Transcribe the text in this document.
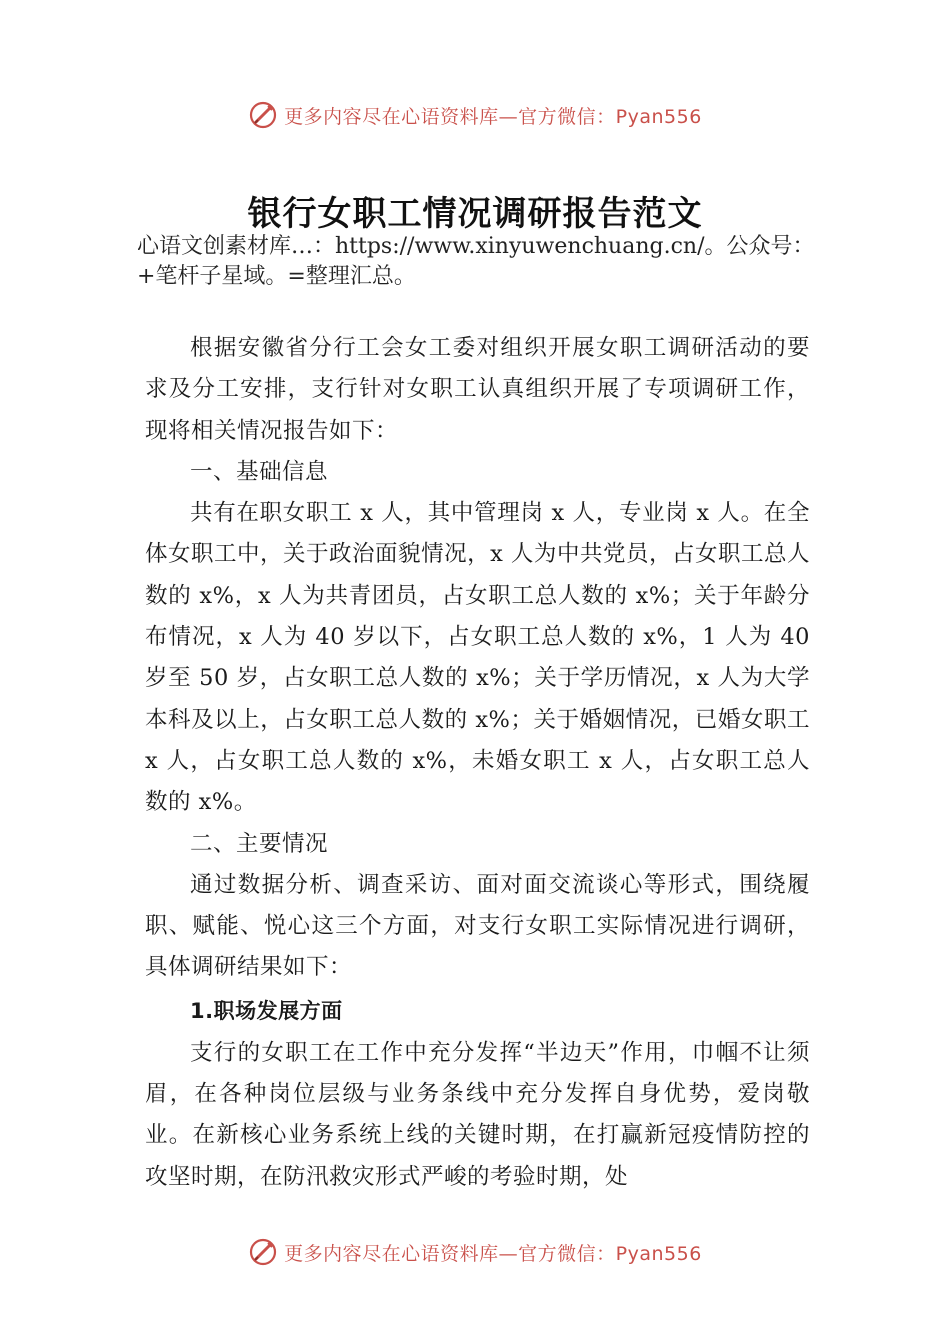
更多内容尽在心语资料库—官方微信：Pyan556
银行女职工情况调研报告范文
心语文创素材库…：https://www.xinyuwenchuang.cn/。公众号：+笔杆子星域。=整理汇总。

根据安徽省分行工会女工委对组织开展女职工调研活动的要求及分工安排，支行针对女职工认真组织开展了专项调研工作，现将相关情况报告如下：

一、基础信息

共有在职女职工 x 人，其中管理岗 x 人，专业岗 x 人。在全体女职工中，关于政治面貌情况，x 人为中共党员，占女职工总人数的 x%，x 人为共青团员，占女职工总人数的 x%；关于年龄分布情况，x 人为 40 岁以下，占女职工总人数的 x%，1 人为 40 岁至 50 岁，占女职工总人数的 x%；关于学历情况，x 人为大学本科及以上，占女职工总人数的 x%；关于婚姻情况，已婚女职工 x 人，占女职工总人数的 x%，未婚女职工 x 人，占女职工总人数的 x%。

二、主要情况

通过数据分析、调查采访、面对面交流谈心等形式，围绕履职、赋能、悦心这三个方面，对支行女职工实际情况进行调研，具体调研结果如下：

1.职场发展方面

支行的女职工在工作中充分发挥“半边天”作用，巾帼不让须眉，在各种岗位层级与业务条线中充分发挥自身优势，爱岗敬业。在新核心业务系统上线的关键时期，在打赢新冠疫情防控的攻坚时期，在防汛救灾形式严峻的考验时期，处

更多内容尽在心语资料库—官方微信：Pyan556
